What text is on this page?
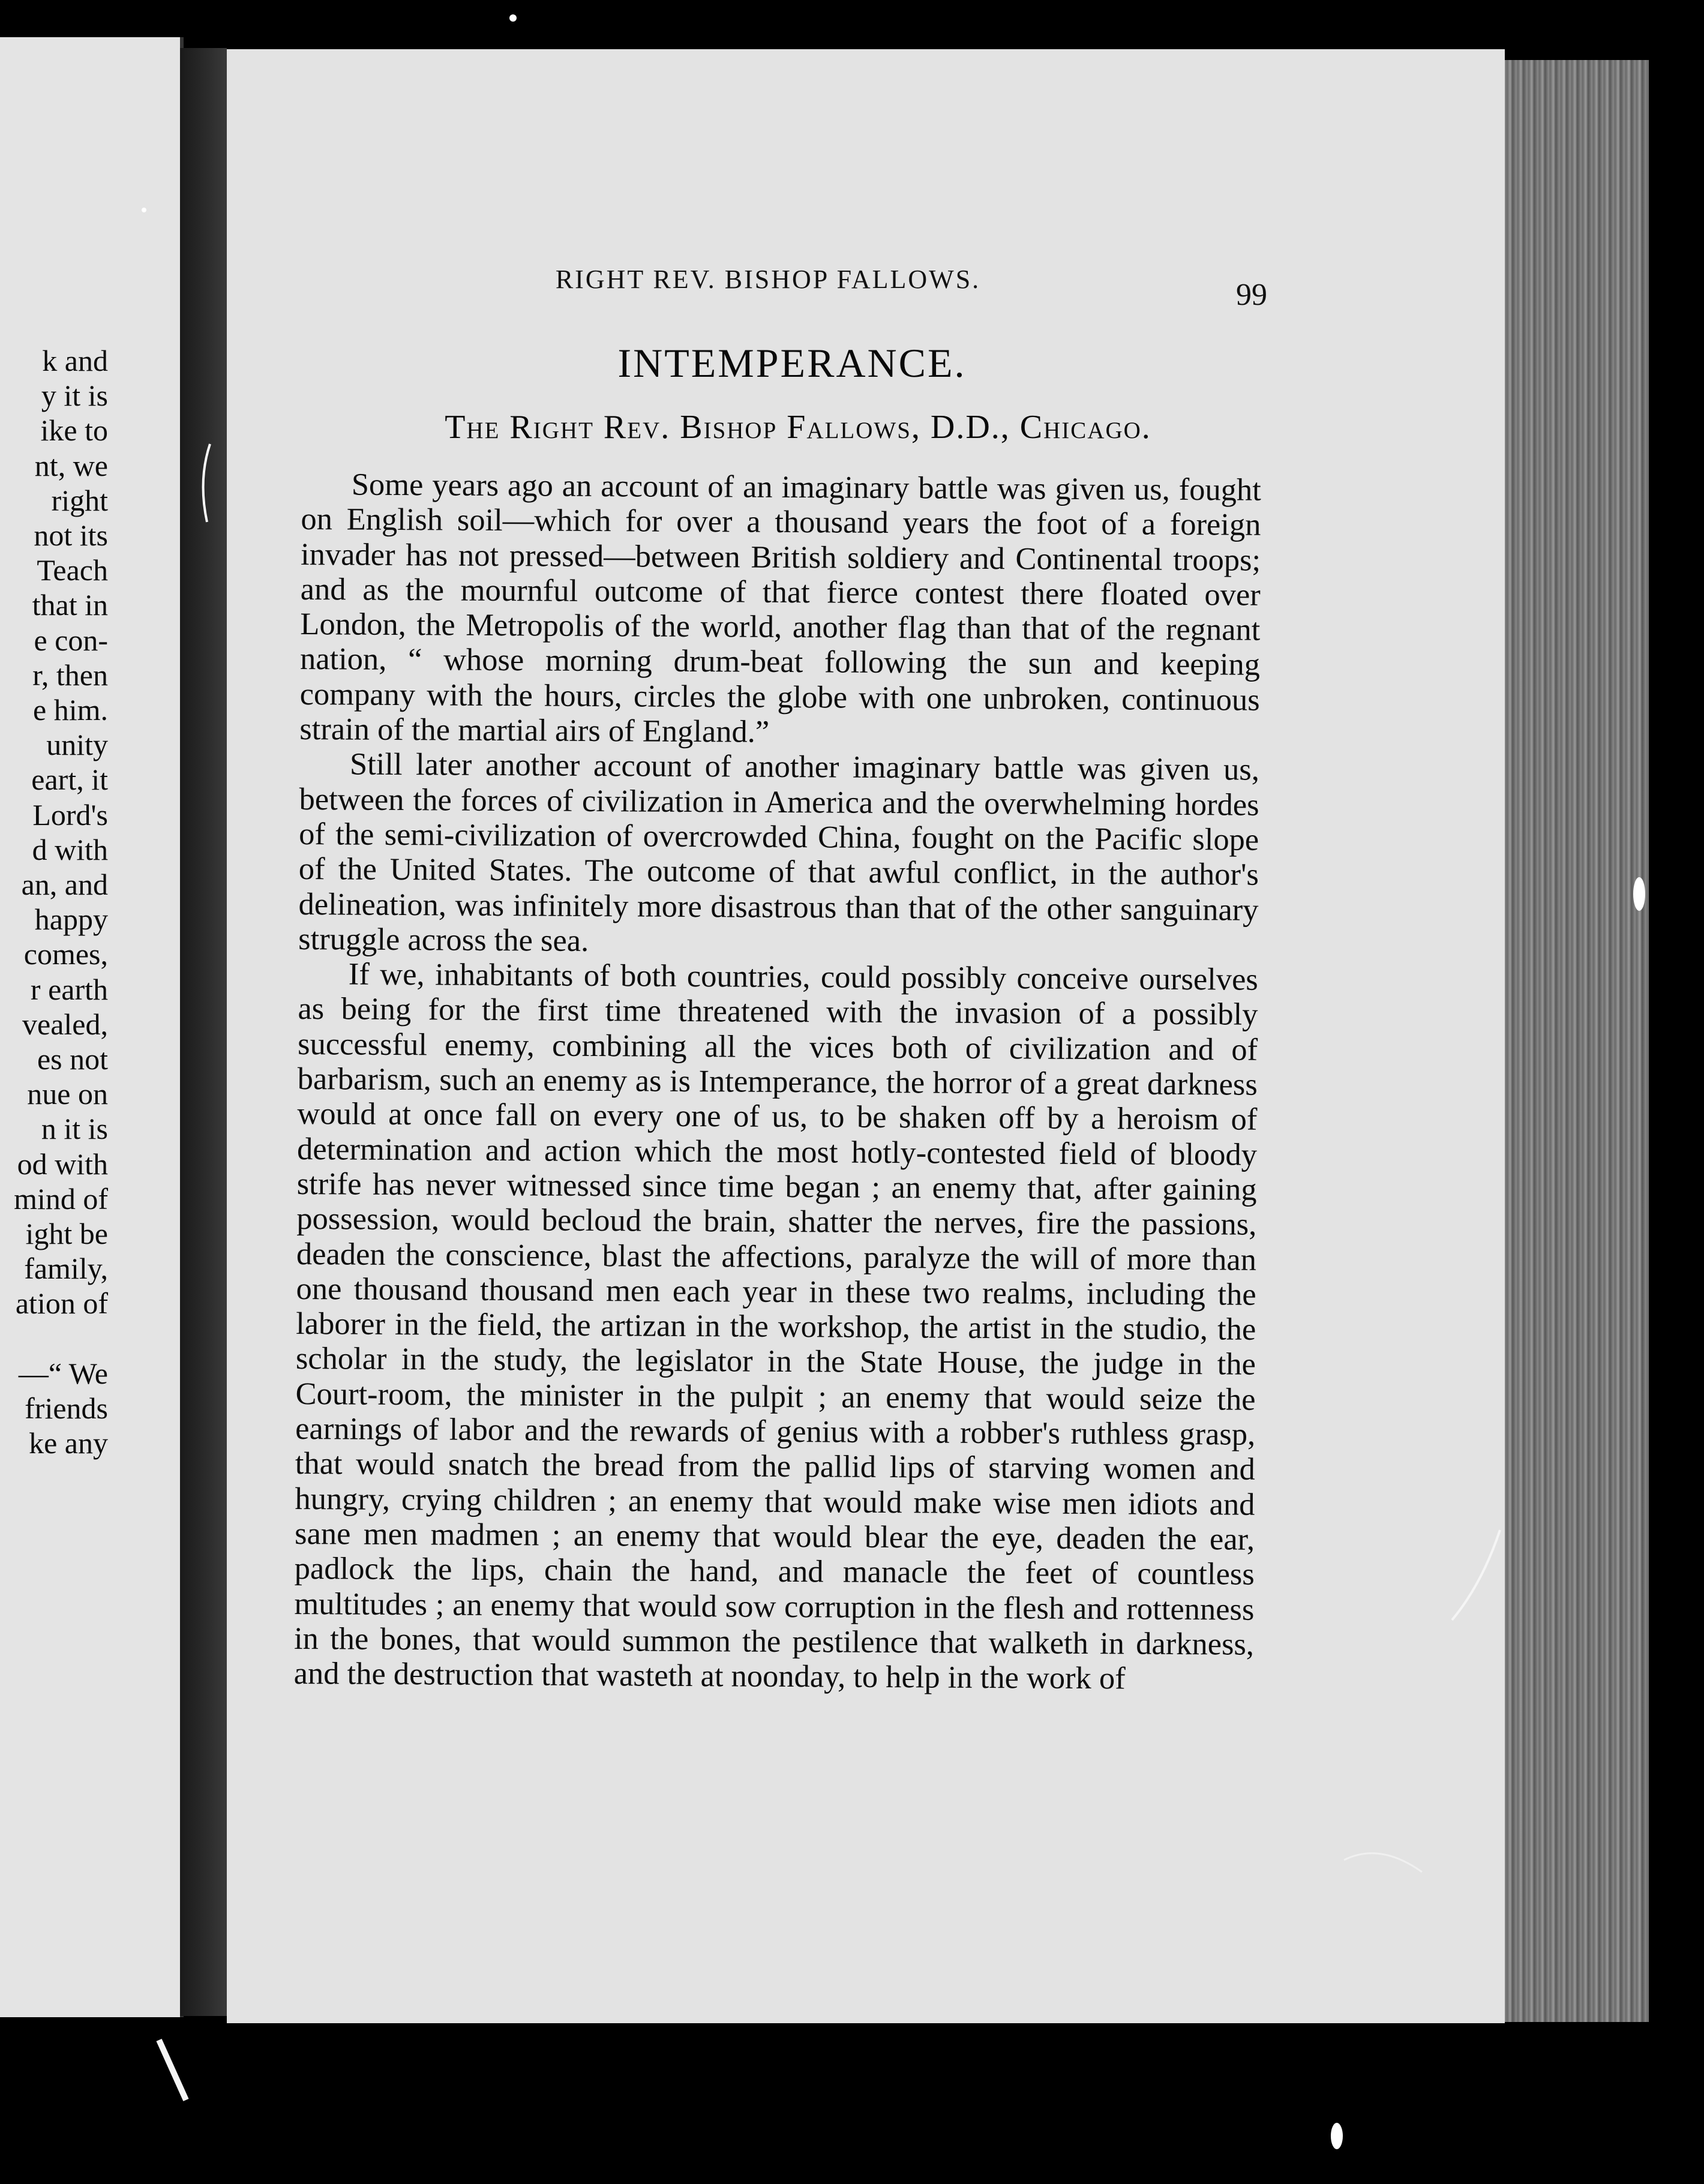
k and
y it is
ike to
nt, we
right
not its
Teach
that in
e con-
r, then
e him.
unity
eart, it
Lord's
d with
an, and
happy
comes,
r earth
vealed,
es not
nue on
n it is
od with
mind of
ight be
family,
ation of
—“ We
friends
ke any
RIGHT REV. BISHOP FALLOWS.	99
INTEMPERANCE.
The Right Rev. Bishop Fallows, D.D., Chicago.

Some years ago an account of an imaginary battle was given us, fought on English soil—which for over a thousand years the foot of a foreign invader has not pressed—between British soldiery and Continental troops; and as the mournful outcome of that fierce contest there floated over London, the Metropolis of the world, another flag than that of the regnant nation, “ whose morning drum-beat following the sun and keeping company with the hours, circles the globe with one unbroken, continuous strain of the martial airs of England.”

Still later another account of another imaginary battle was given us, between the forces of civilization in America and the overwhelming hordes of the semi-civilization of overcrowded China, fought on the Pacific slope of the United States. The outcome of that awful conflict, in the author's delineation, was infinitely more disastrous than that of the other sanguinary struggle across the sea.

If we, inhabitants of both countries, could possibly conceive ourselves as being for the first time threatened with the invasion of a possibly successful enemy, combining all the vices both of civilization and of barbarism, such an enemy as is Intemperance, the horror of a great darkness would at once fall on every one of us, to be shaken off by a heroism of determination and action which the most hotly-contested field of bloody strife has never witnessed since time began ; an enemy that, after gaining possession, would becloud the brain, shatter the nerves, fire the passions, deaden the conscience, blast the affections, paralyze the will of more than one thousand thousand men each year in these two realms, including the laborer in the field, the artizan in the workshop, the artist in the studio, the scholar in the study, the legislator in the State House, the judge in the Court-room, the minister in the pulpit ; an enemy that would seize the earnings of labor and the rewards of genius with a robber's ruthless grasp, that would snatch the bread from the pallid lips of starving women and hungry, crying children ; an enemy that would make wise men idiots and sane men madmen ; an enemy that would blear the eye, deaden the ear, padlock the lips, chain the hand, and manacle the feet of countless multitudes ; an enemy that would sow corruption in the flesh and rottenness in the bones, that would summon the pestilence that walketh in darkness, and the destruction that wasteth at noonday, to help in the work of
